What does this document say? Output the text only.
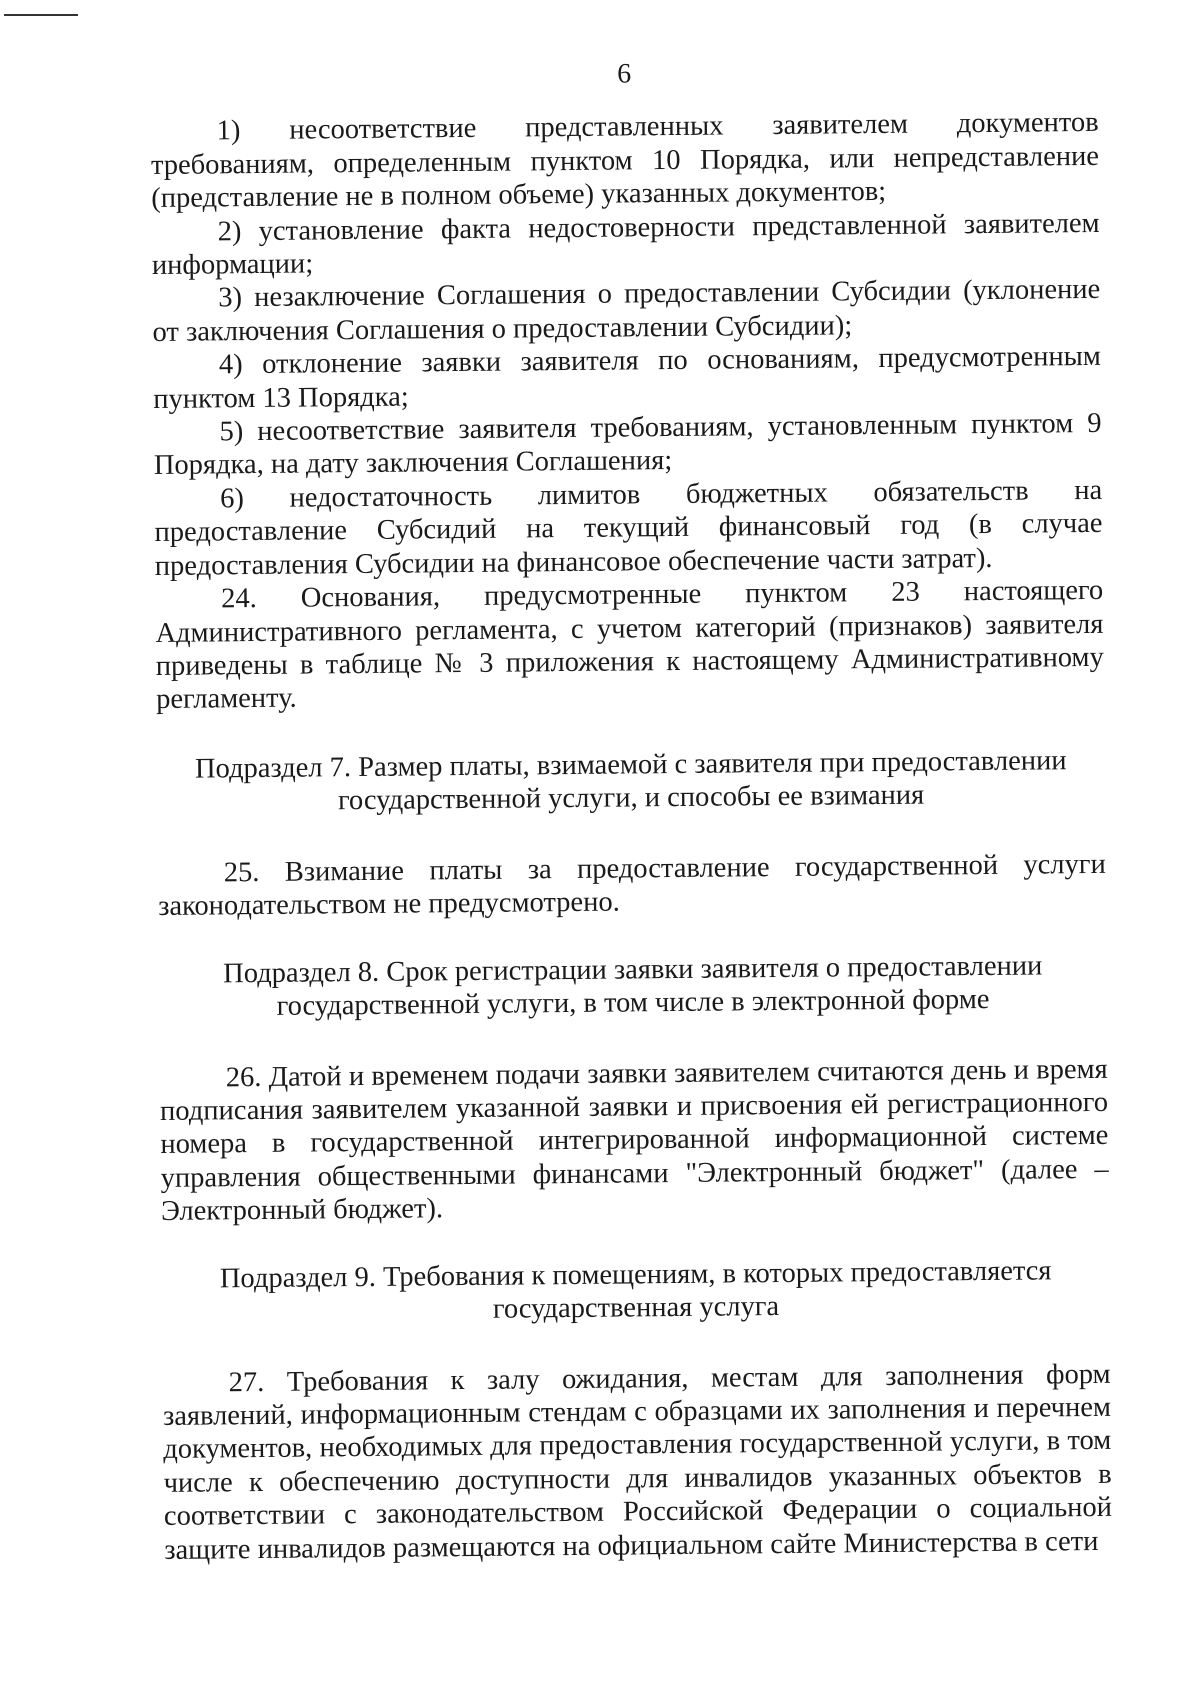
6

1) несоответствие представленных заявителем документов требованиям, определенным пунктом 10 Порядка, или непредставление (представление не в полном объеме) указанных документов;

2) установление факта недостоверности представленной заявителем информации;

3) незаключение Соглашения о предоставлении Субсидии (уклонение от заключения Соглашения о предоставлении Субсидии);

4) отклонение заявки заявителя по основаниям, предусмотренным пунктом 13 Порядка;

5) несоответствие заявителя требованиям, установленным пунктом 9 Порядка, на дату заключения Соглашения;

6) недостаточность лимитов бюджетных обязательств на предоставление Субсидий на текущий финансовый год (в случае предоставления Субсидии на финансовое обеспечение части затрат).

24. Основания, предусмотренные пунктом 23 настоящего Административного регламента, с учетом категорий (признаков) заявителя приведены в таблице № 3 приложения к настоящему Административному регламенту.

Подраздел 7. Размер платы, взимаемой с заявителя при предоставлении
государственной услуги, и способы ее взимания

25. Взимание платы за предоставление государственной услуги законодательством не предусмотрено.

Подраздел 8. Срок регистрации заявки заявителя о предоставлении
государственной услуги, в том числе в электронной форме

26. Датой и временем подачи заявки заявителем считаются день и время подписания заявителем указанной заявки и присвоения ей регистрационного номера в государственной интегрированной информационной системе управления общественными финансами "Электронный бюджет" (далее – Электронный бюджет).

Подраздел 9. Требования к помещениям, в которых предоставляется
государственная услуга

27. Требования к залу ожидания, местам для заполнения форм заявлений, информационным стендам с образцами их заполнения и перечнем документов, необходимых для предоставления государственной услуги, в том числе к обеспечению доступности для инвалидов указанных объектов в соответствии с законодательством Российской Федерации о социальной защите инвалидов размещаются на официальном сайте Министерства в сети
